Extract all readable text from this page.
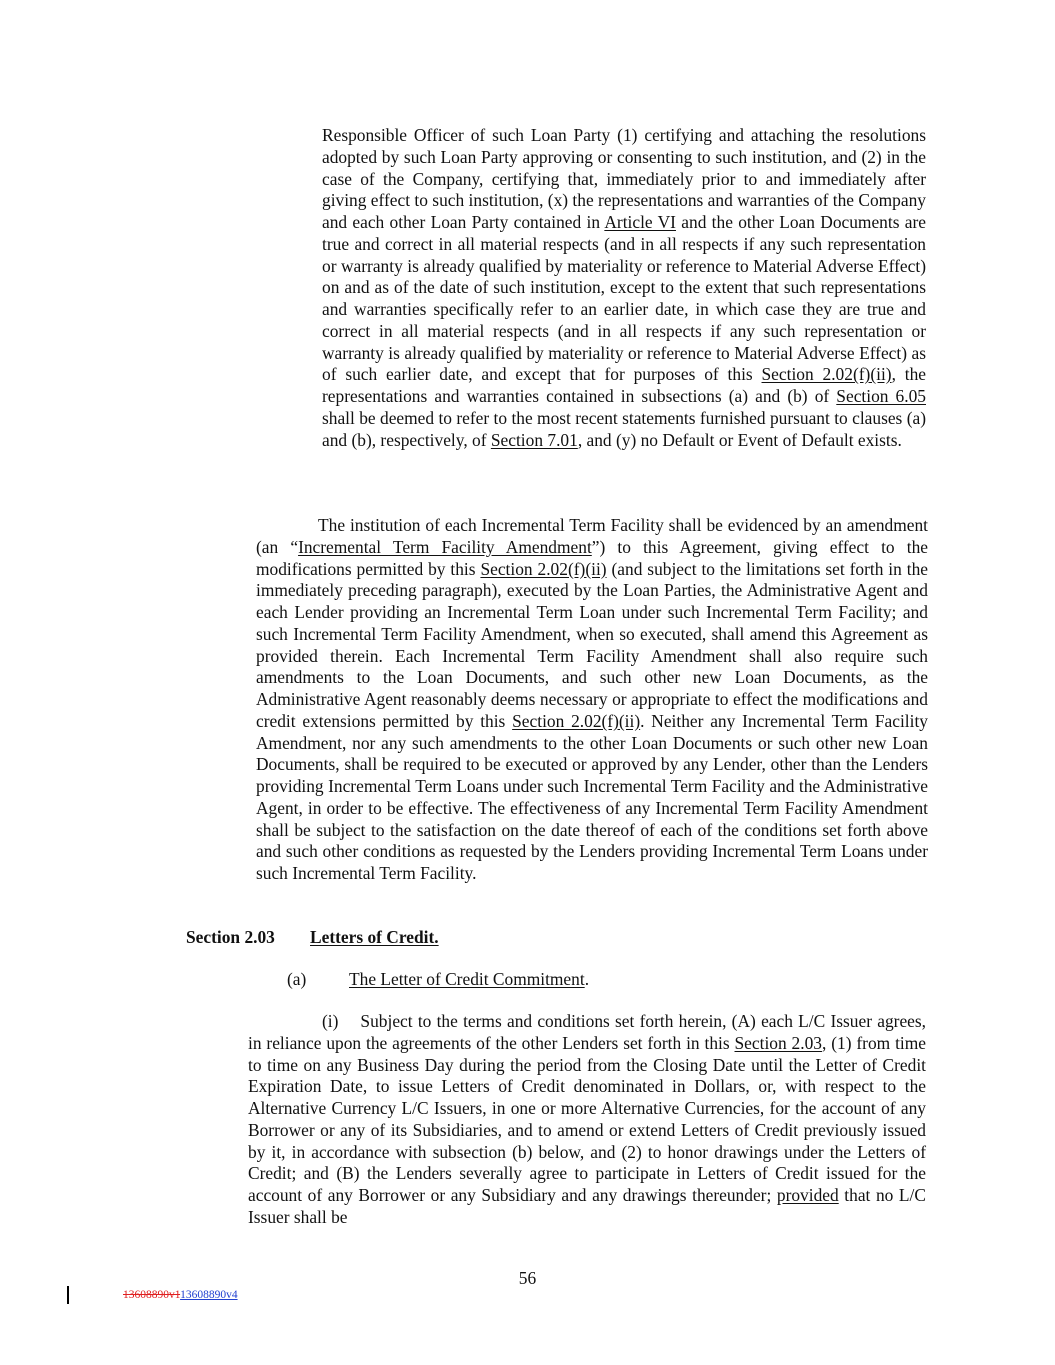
Responsible Officer of such Loan Party (1) certifying and attaching the resolutions adopted by such Loan Party approving or consenting to such institution, and (2) in the case of the Company, certifying that, immediately prior to and immediately after giving effect to such institution, (x) the representations and warranties of the Company and each other Loan Party contained in Article VI and the other Loan Documents are true and correct in all material respects (and in all respects if any such representation or warranty is already qualified by materiality or reference to Material Adverse Effect) on and as of the date of such institution, except to the extent that such representations and warranties specifically refer to an earlier date, in which case they are true and correct in all material respects (and in all respects if any such representation or warranty is already qualified by materiality or reference to Material Adverse Effect) as of such earlier date, and except that for purposes of this Section 2.02(f)(ii), the representations and warranties contained in subsections (a) and (b) of Section 6.05 shall be deemed to refer to the most recent statements furnished pursuant to clauses (a) and (b), respectively, of Section 7.01, and (y) no Default or Event of Default exists.

The institution of each Incremental Term Facility shall be evidenced by an amendment (an “Incremental Term Facility Amendment”) to this Agreement, giving effect to the modifications permitted by this Section 2.02(f)(ii) (and subject to the limitations set forth in the immediately preceding paragraph), executed by the Loan Parties, the Administrative Agent and each Lender providing an Incremental Term Loan under such Incremental Term Facility; and such Incremental Term Facility Amendment, when so executed, shall amend this Agreement as provided therein. Each Incremental Term Facility Amendment shall also require such amendments to the Loan Documents, and such other new Loan Documents, as the Administrative Agent reasonably deems necessary or appropriate to effect the modifications and credit extensions permitted by this Section 2.02(f)(ii). Neither any Incremental Term Facility Amendment, nor any such amendments to the other Loan Documents or such other new Loan Documents, shall be required to be executed or approved by any Lender, other than the Lenders providing Incremental Term Loans under such Incremental Term Facility and the Administrative Agent, in order to be effective. The effectiveness of any Incremental Term Facility Amendment shall be subject to the satisfaction on the date thereof of each of the conditions set forth above and such other conditions as requested by the Lenders providing Incremental Term Loans under such Incremental Term Facility.

Section 2.03 Letters of Credit.

(a) The Letter of Credit Commitment.

(i) Subject to the terms and conditions set forth herein, (A) each L/C Issuer agrees, in reliance upon the agreements of the other Lenders set forth in this Section 2.03, (1) from time to time on any Business Day during the period from the Closing Date until the Letter of Credit Expiration Date, to issue Letters of Credit denominated in Dollars, or, with respect to the Alternative Currency L/C Issuers, in one or more Alternative Currencies, for the account of any Borrower or any of its Subsidiaries, and to amend or extend Letters of Credit previously issued by it, in accordance with subsection (b) below, and (2) to honor drawings under the Letters of Credit; and (B) the Lenders severally agree to participate in Letters of Credit issued for the account of any Borrower or any Subsidiary and any drawings thereunder; provided that no L/C Issuer shall be

56
13608890v113608890v4
